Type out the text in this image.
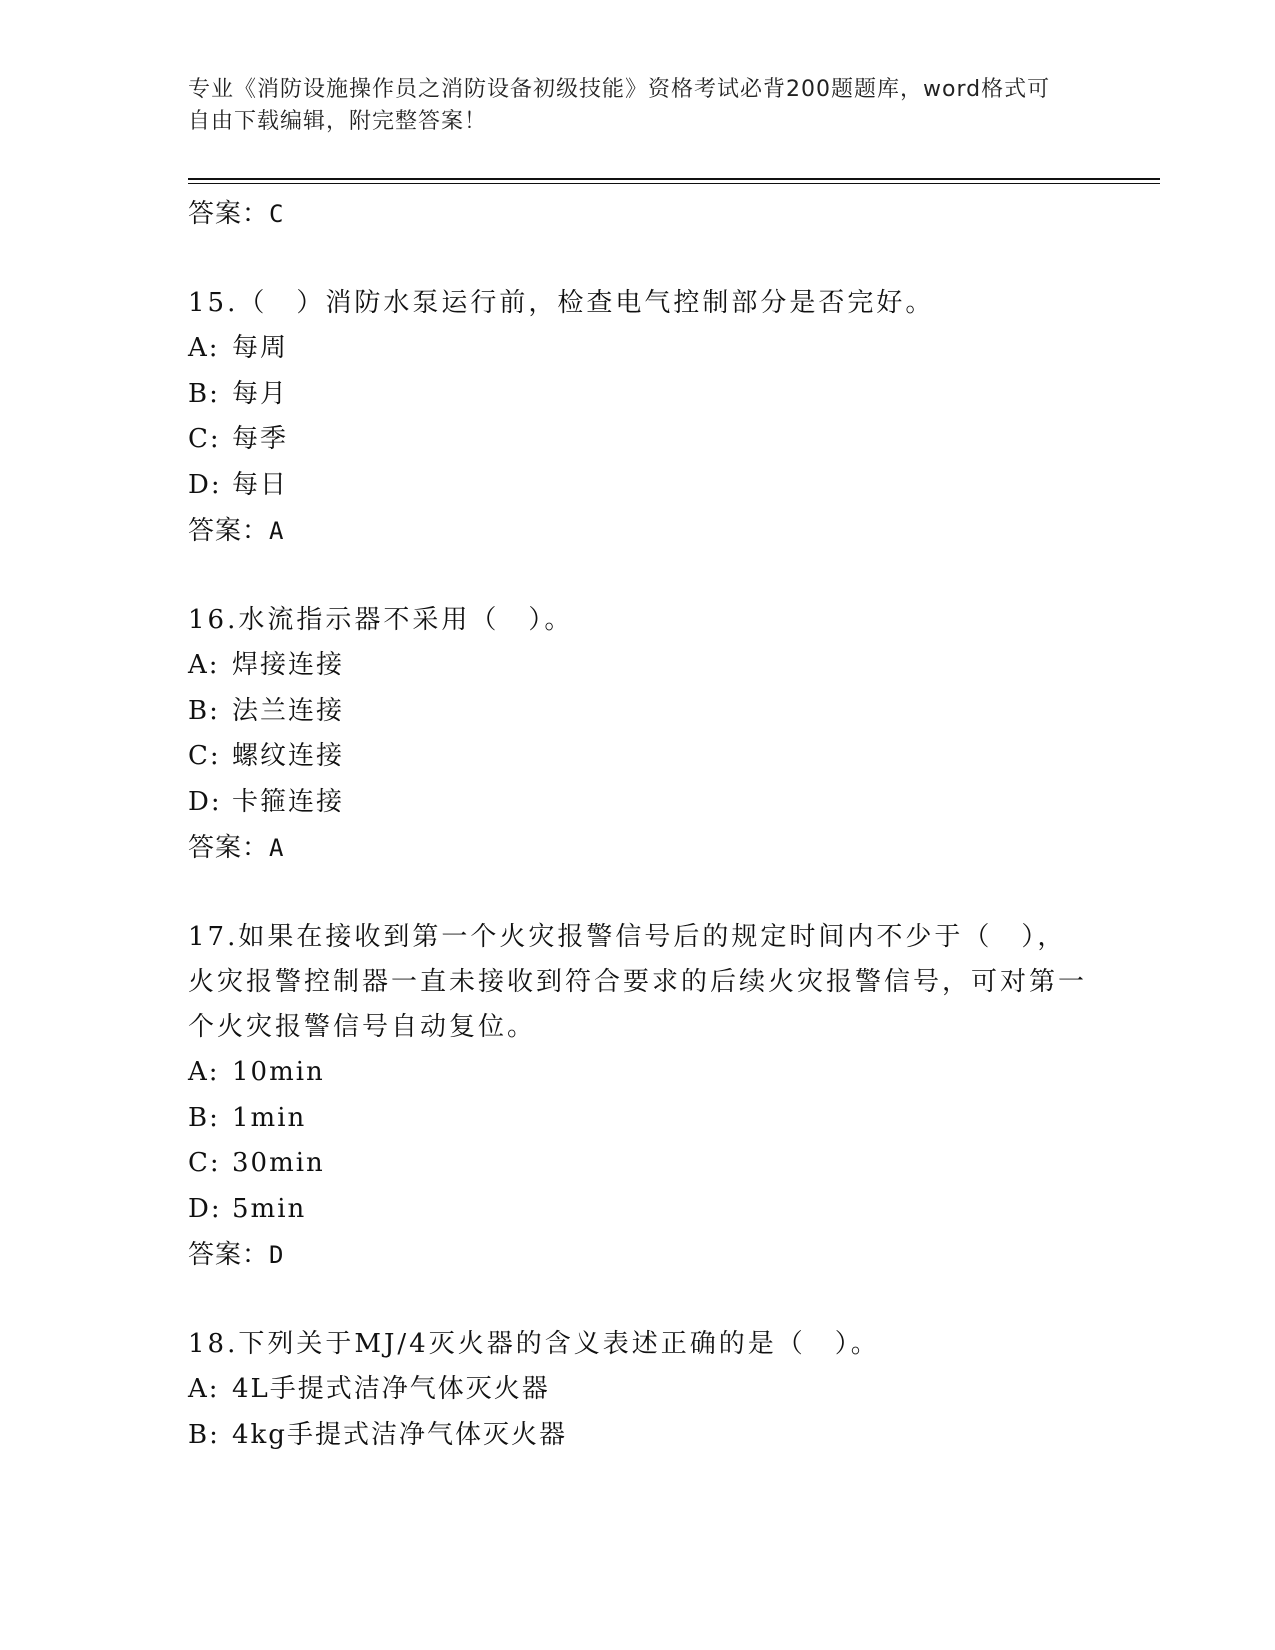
专业《消防设施操作员之消防设备初级技能》资格考试必背200题题库，word格式可自由下载编辑，附完整答案！
答案：C
15.（　）消防水泵运行前，检查电气控制部分是否完好。
A: 每周
B: 每月
C: 每季
D: 每日
答案：A
16.水流指示器不采用（　）。
A: 焊接连接
B: 法兰连接
C: 螺纹连接
D: 卡箍连接
答案：A
17.如果在接收到第一个火灾报警信号后的规定时间内不少于（　），火灾报警控制器一直未接收到符合要求的后续火灾报警信号，可对第一个火灾报警信号自动复位。
A: 10min
B: 1min
C: 30min
D: 5min
答案：D
18.下列关于MJ/4灭火器的含义表述正确的是（　）。
A: 4L手提式洁净气体灭火器
B: 4kg手提式洁净气体灭火器
